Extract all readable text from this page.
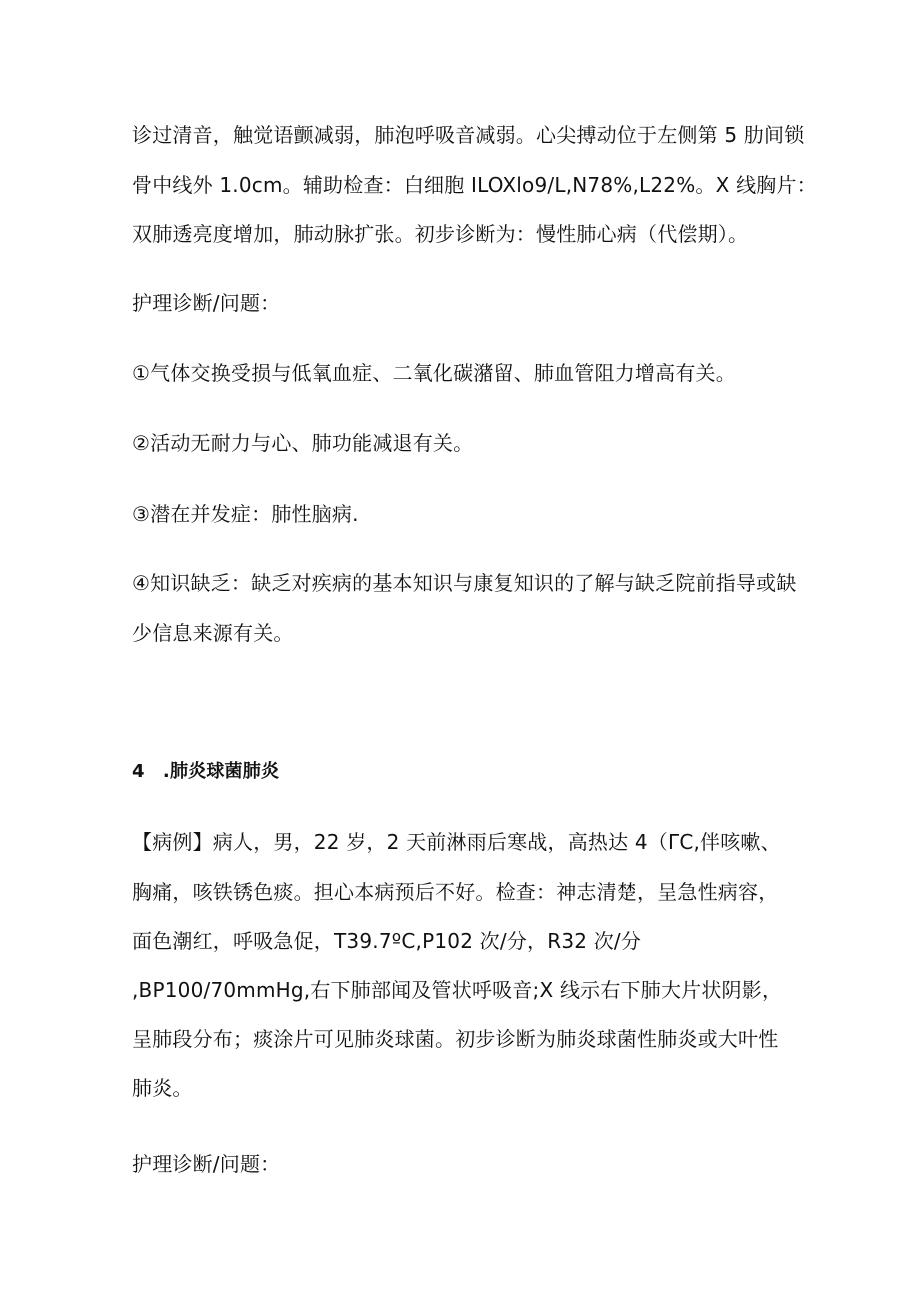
诊过清音，触觉语颤减弱，肺泡呼吸音减弱。心尖搏动位于左侧第 5 肋间锁
骨中线外 1.0cm。辅助检查：白细胞 ILOXlo9/L,N78%,L22%。X 线胸片：
双肺透亮度增加，肺动脉扩张。初步诊断为：慢性肺心病（代偿期）。
护理诊断/问题：
①气体交换受损与低氧血症、二氧化碳潴留、肺血管阻力增高有关。
②活动无耐力与心、肺功能减退有关。
③潜在并发症：肺性脑病.
④知识缺乏：缺乏对疾病的基本知识与康复知识的了解与缺乏院前指导或缺
少信息来源有关。
4　.肺炎球菌肺炎
【病例】病人，男，22 岁，2 天前淋雨后寒战，高热达 4（ΓC,伴咳嗽、
胸痛，咳铁锈色痰。担心本病预后不好。检查：神志清楚，呈急性病容，
面色潮红，呼吸急促，T39.7ºC,P102 次/分，R32 次/分
,BP100/70mmHg,右下肺部闻及管状呼吸音;X 线示右下肺大片状阴影，
呈肺段分布；痰涂片可见肺炎球菌。初步诊断为肺炎球菌性肺炎或大叶性
肺炎。
护理诊断/问题：
